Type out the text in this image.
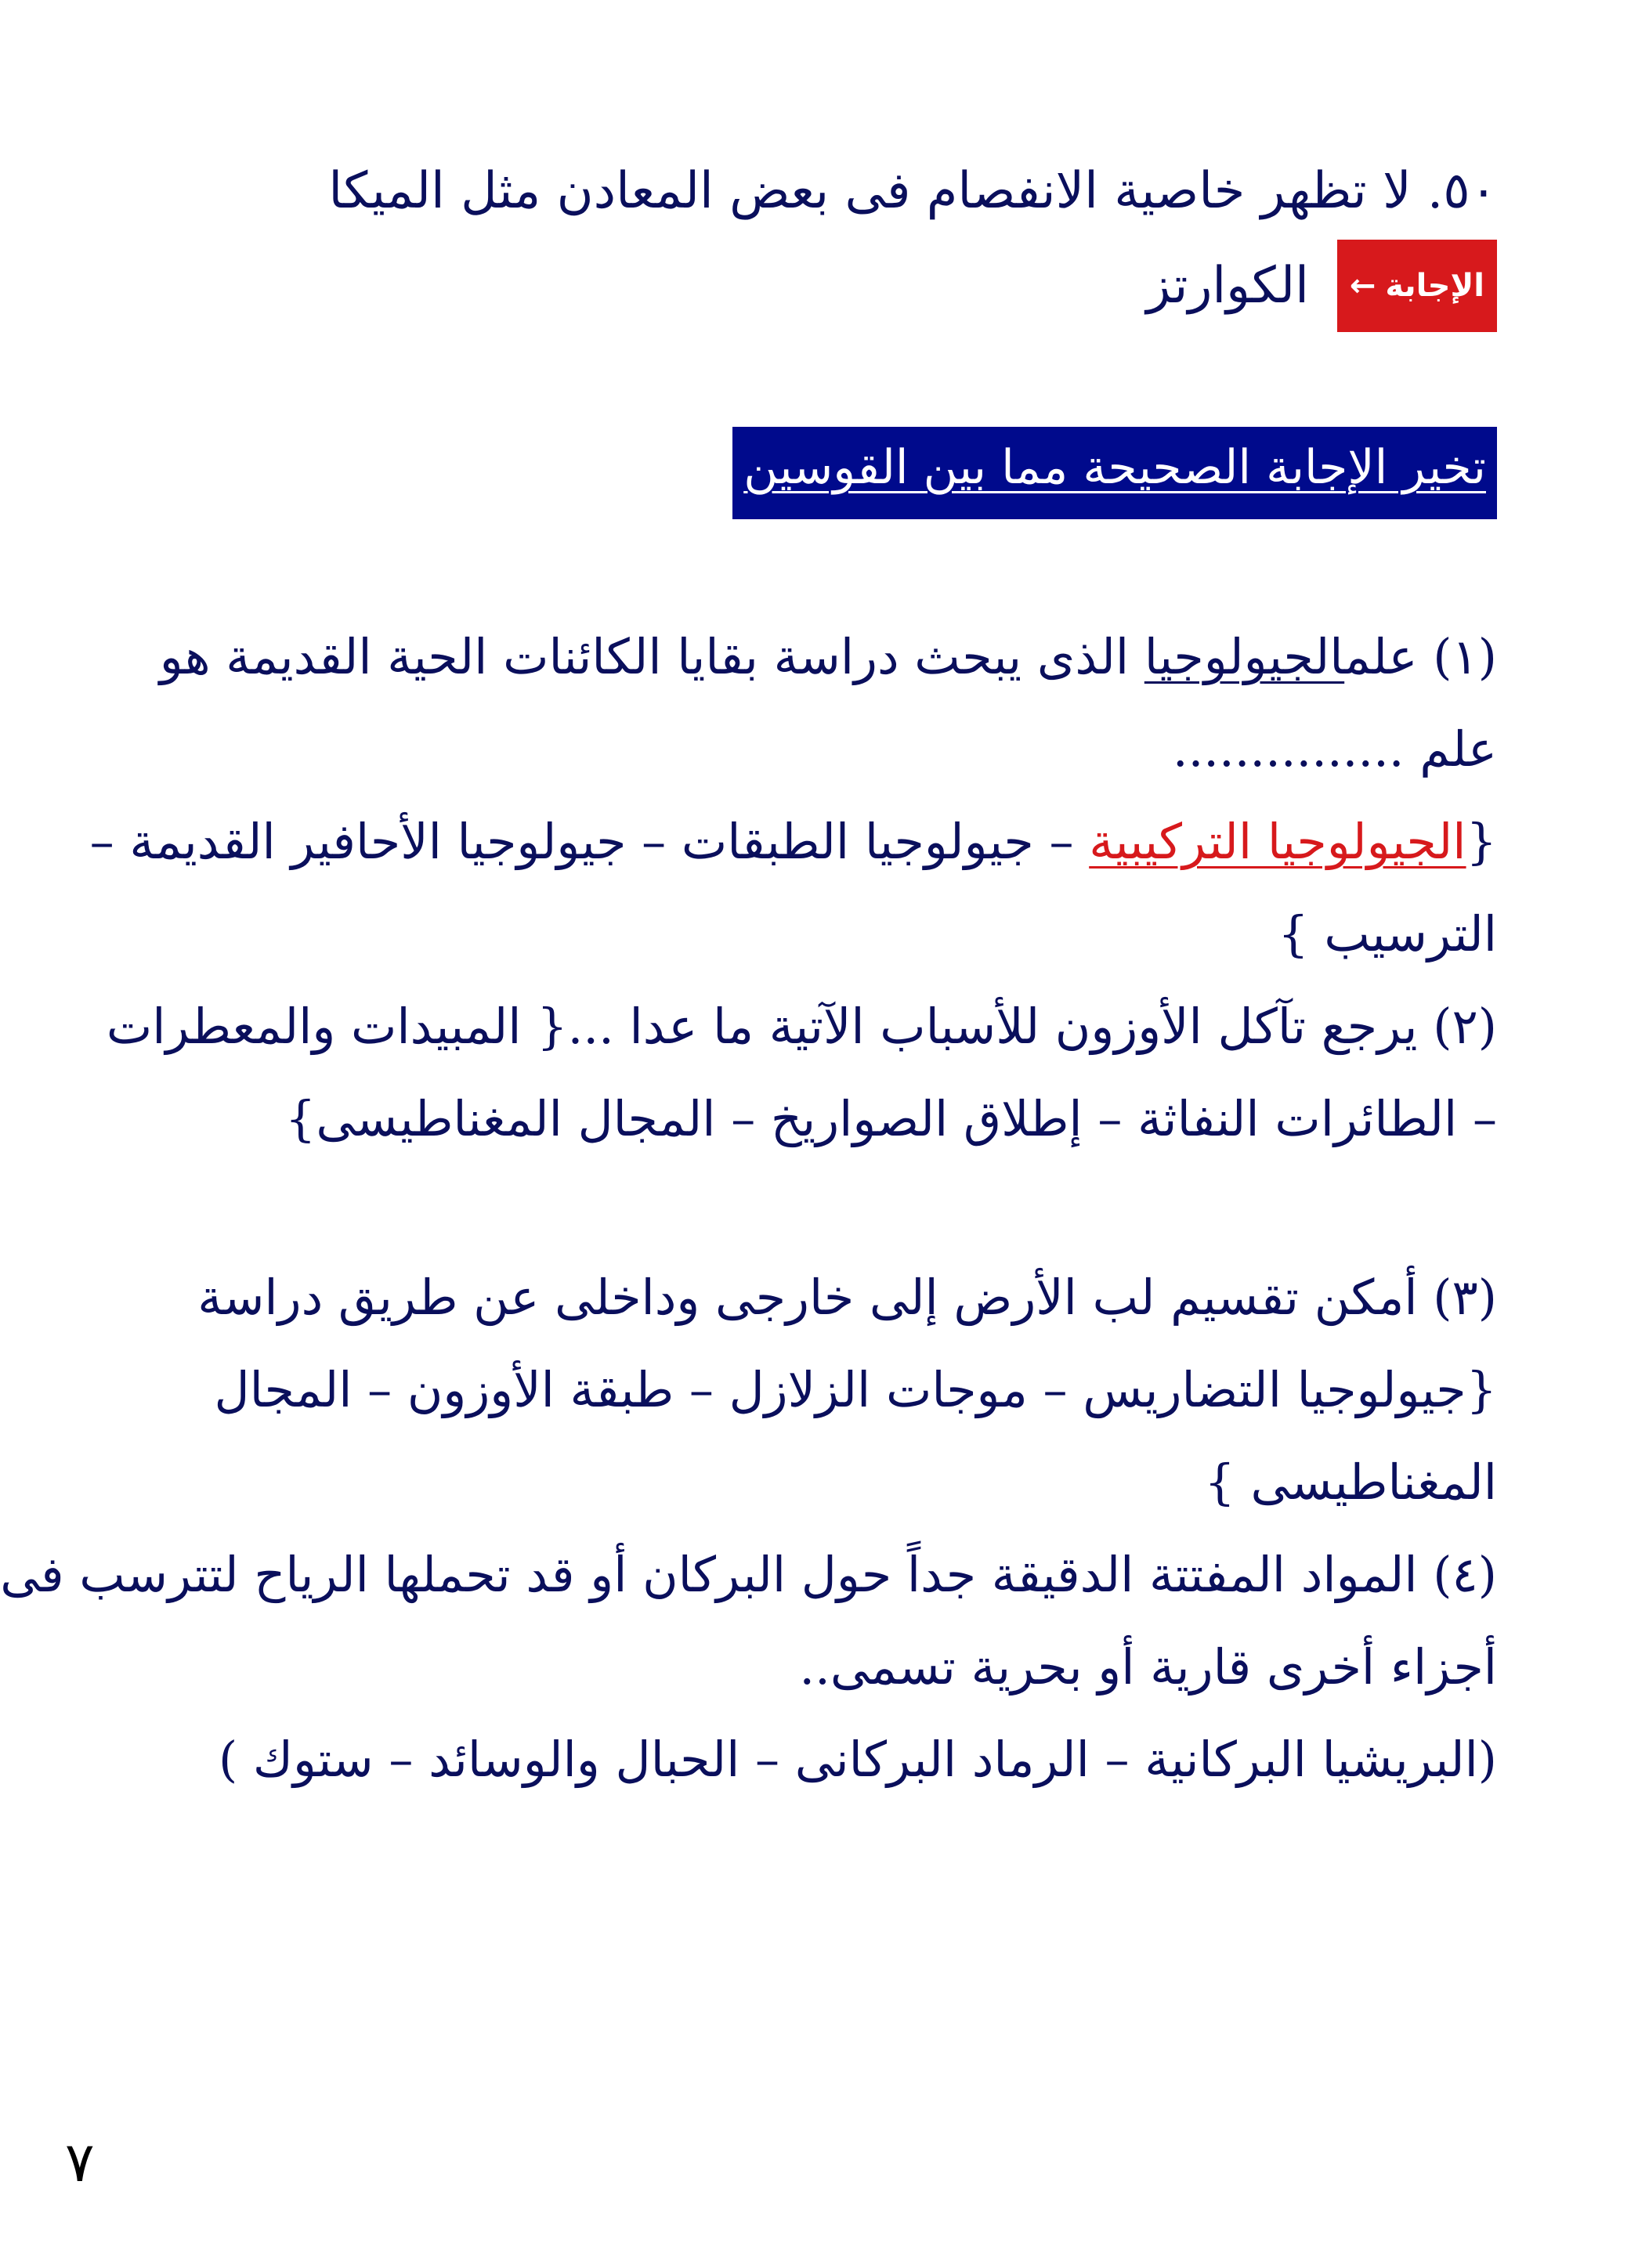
٥٠. لا تظهر خاصية الانفصام فى بعض المعادن مثل الميكا
الإجابة
←
الكوارتز
تخير الإجابة الصحيحة مما بين القوسين
(١) علمالجيولوجيا الذى يبحث دراسة بقايا الكائنات الحية القديمة هو
علم ...............
{الجيولوجيا التركيبية – جيولوجيا الطبقات – جيولوجيا الأحافير القديمة –
الترسيب }
(٢) يرجع تآكل الأوزون للأسباب الآتية ما عدا ...{ المبيدات والمعطرات
– الطائرات النفاثة – إطلاق الصواريخ – المجال المغناطيسى}
(٣) أمكن تقسيم لب الأرض إلى خارجى وداخلى عن طريق دراسة
{جيولوجيا التضاريس – موجات الزلازل – طبقة الأوزون – المجال
المغناطيسى }
(٤) المواد المفتتة الدقيقة جداً حول البركان أو قد تحملها الرياح لتترسب فى
أجزاء أخرى قارية أو بحرية تسمى..
(البريشيا البركانية – الرماد البركانى – الحبال والوسائد – ستوك )
٧
